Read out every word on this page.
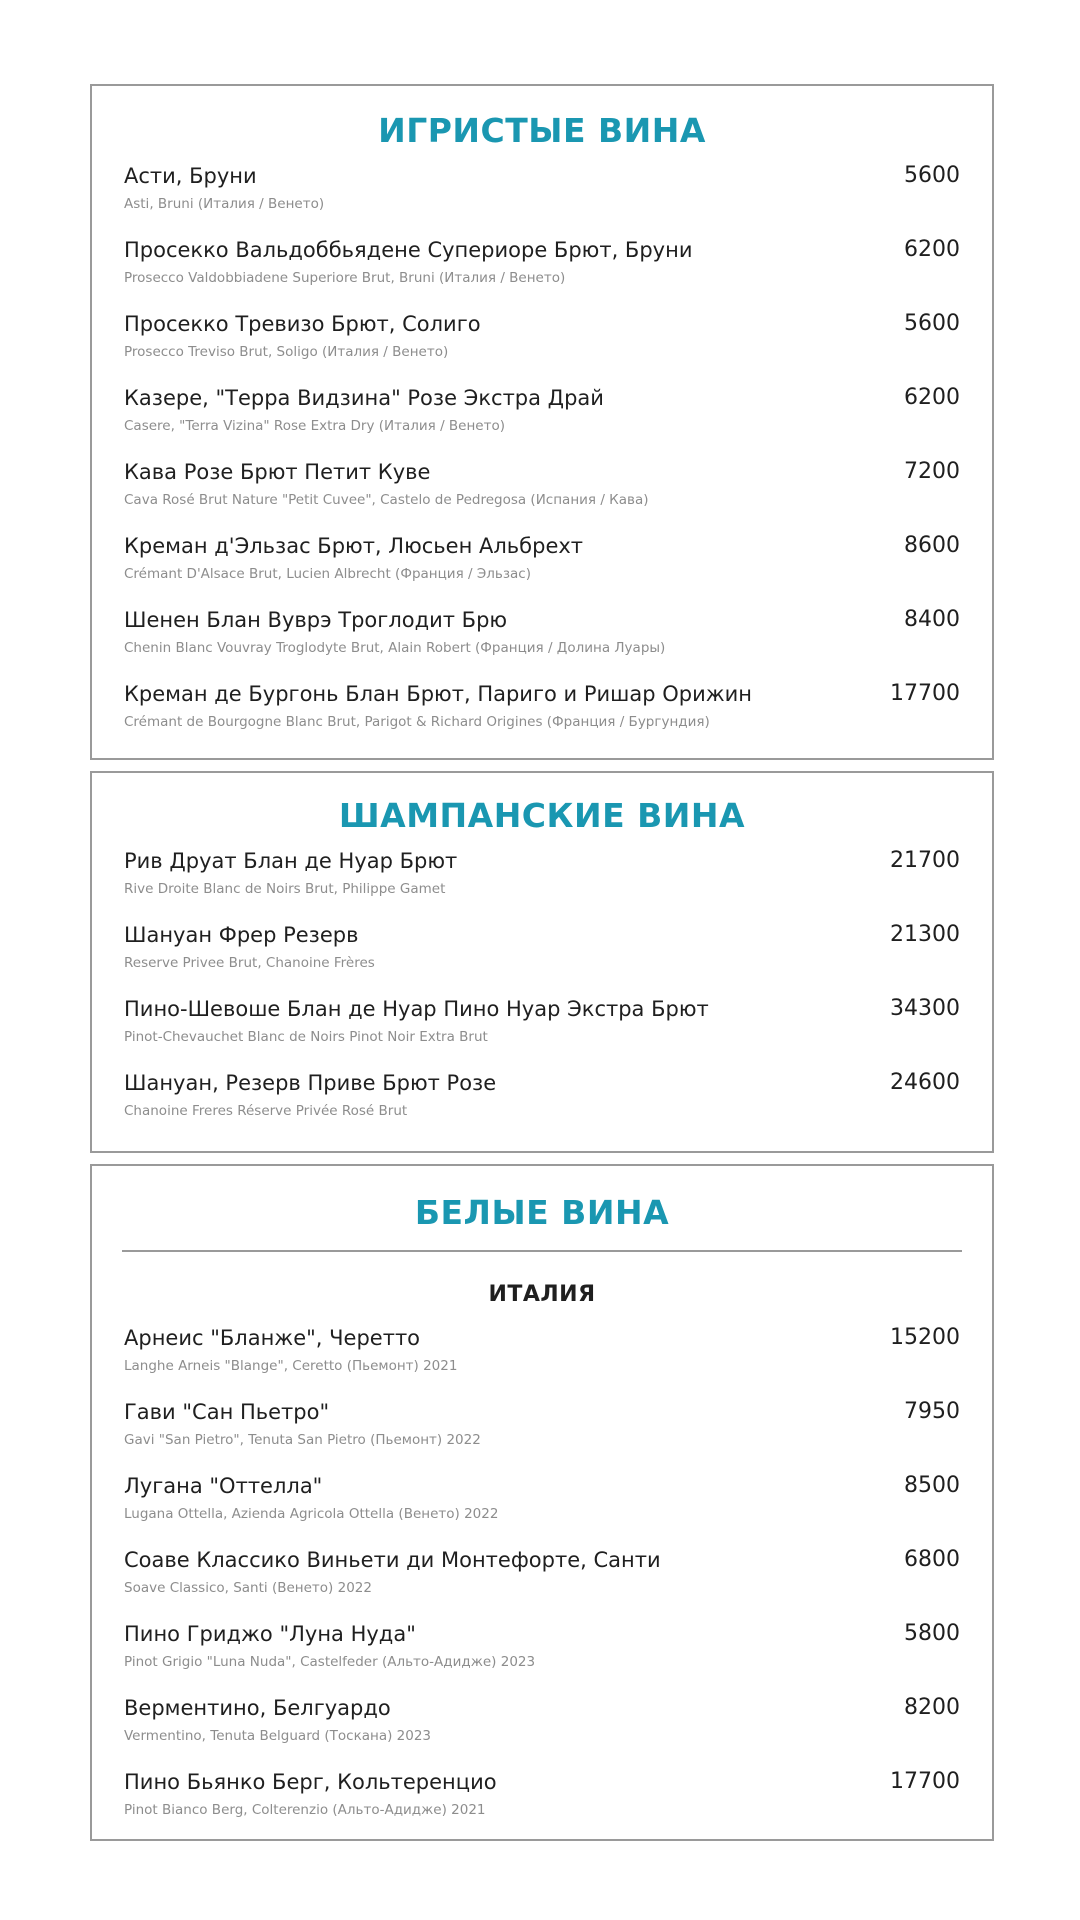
ИГРИСТЫЕ ВИНА
Асти, Бруни
Asti, Bruni (Италия / Венето)
5600
Просекко Вальдоббьядене Супериоре Брют, Бруни
Prosecco Valdobbiadene Superiore Brut, Bruni (Италия / Венето)
6200
Просекко Тревизо Брют, Солиго
Prosecco Treviso Brut, Soligo (Италия / Венето)
5600
Казере, "Терра Видзина" Розе Экстра Драй
Casere, "Terra Vizina" Rose Extra Dry (Италия / Венето)
6200
Кава Розе Брют Петит Куве
Cava Rosé Brut Nature "Petit Cuvee", Castelo de Pedregosa (Испания / Кава)
7200
Креман д'Эльзас Брют, Люсьен Альбрехт
Crémant D'Alsace Brut, Lucien Albrecht (Франция / Эльзас)
8600
Шенен Блан Вуврэ Троглодит Брю
Chenin Blanc Vouvray Troglodyte Brut, Alain Robert (Франция / Долина Луары)
8400
Креман де Бургонь Блан Брют, Париго и Ришар Орижин
Crémant de Bourgogne Blanc Brut, Parigot & Richard Origines (Франция / Бургундия)
17700
ШАМПАНСКИЕ ВИНА
Рив Друат Блан де Нуар Брют
Rive Droite Blanc de Noirs Brut, Philippe Gamet
21700
Шануан Фрер Резерв
Reserve Privee Brut, Chanoine Frères
21300
Пино-Шевоше Блан де Нуар Пино Нуар Экстра Брют
Pinot-Chevauchet Blanc de Noirs Pinot Noir Extra Brut
34300
Шануан, Резерв Приве Брют Розе
Chanoine Freres Réserve Privée Rosé Brut
24600
БЕЛЫЕ ВИНА
ИТАЛИЯ
Арнеис "Бланже", Черетто
Langhe Arneis "Blange", Ceretto (Пьемонт) 2021
15200
Гави "Сан Пьетро"
Gavi "San Pietro", Tenuta San Pietro (Пьемонт) 2022
7950
Лугана "Оттелла"
Lugana Ottella, Azienda Agricola Ottella (Венето) 2022
8500
Соаве Классико Виньети ди Монтефорте, Санти
Soave Classico, Santi (Венето) 2022
6800
Пино Гриджо "Луна Нуда"
Pinot Grigio "Luna Nuda", Castelfeder (Альто-Адидже) 2023
5800
Верментино, Белгуардо
Vermentino, Tenuta Belguard (Тоскана) 2023
8200
Пино Бьянко Берг, Кольтеренцио
Pinot Bianco Berg, Colterenzio (Альто-Адидже) 2021
17700
